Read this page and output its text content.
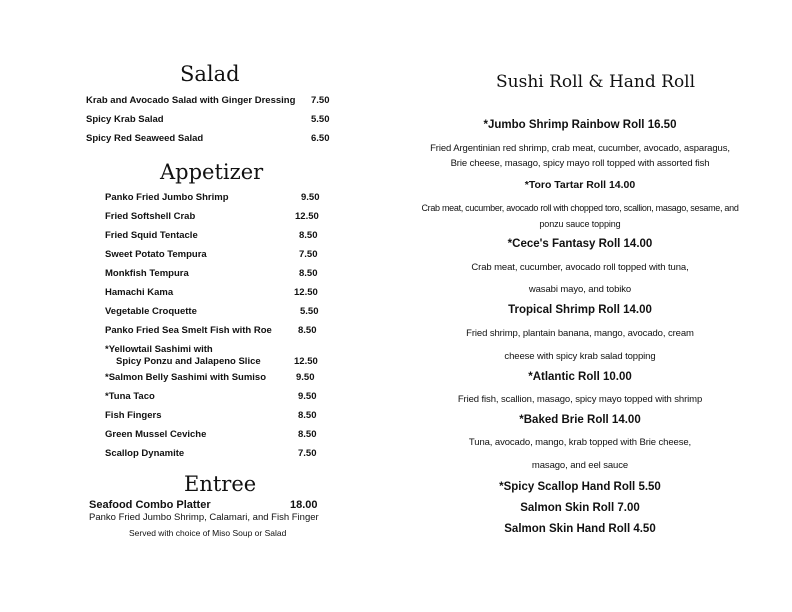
Salad
Krab and Avocado Salad with Ginger Dressing 7.50
Spicy Krab Salad	5.50
Spicy Red Seaweed Salad	6.50
Appetizer
Panko Fried Jumbo Shrimp	9.50
Fried Softshell Crab	12.50
Fried Squid Tentacle	8.50
Sweet Potato Tempura	7.50
Monkfish Tempura	8.50
Hamachi Kama	12.50
Vegetable Croquette	5.50
Panko Fried Sea Smelt Fish with Roe	8.50
*Yellowtail Sashimi with
Spicy Ponzu and Jalapeno Slice	12.50
*Salmon Belly Sashimi with Sumiso	9.50
*Tuna Taco	9.50
Fish Fingers	8.50
Green Mussel Ceviche	8.50
Scallop Dynamite	7.50
Entree
Seafood Combo Platter	18.00
Panko Fried Jumbo Shrimp, Calamari, and Fish Finger
Served with choice of Miso Soup or Salad
Sushi Roll & Hand Roll
*Jumbo Shrimp Rainbow Roll 16.50
Fried Argentinian red shrimp, crab meat, cucumber, avocado, asparagus,
Brie cheese, masago, spicy mayo roll topped with assorted fish
*Toro Tartar Roll 14.00
Crab meat, cucumber, avocado roll with chopped toro, scallion, masago, sesame, and
ponzu sauce topping
*Cece's Fantasy Roll 14.00
Crab meat, cucumber, avocado roll topped with tuna,
wasabi mayo, and tobiko
Tropical Shrimp Roll 14.00
Fried shrimp, plantain banana, mango, avocado, cream
cheese with spicy krab salad topping
*Atlantic Roll 10.00
Fried fish, scallion, masago, spicy mayo topped with shrimp
*Baked Brie Roll 14.00
Tuna, avocado, mango, krab topped with Brie cheese,
masago, and eel sauce
*Spicy Scallop Hand Roll 5.50
Salmon Skin Roll 7.00
Salmon Skin Hand Roll 4.50
